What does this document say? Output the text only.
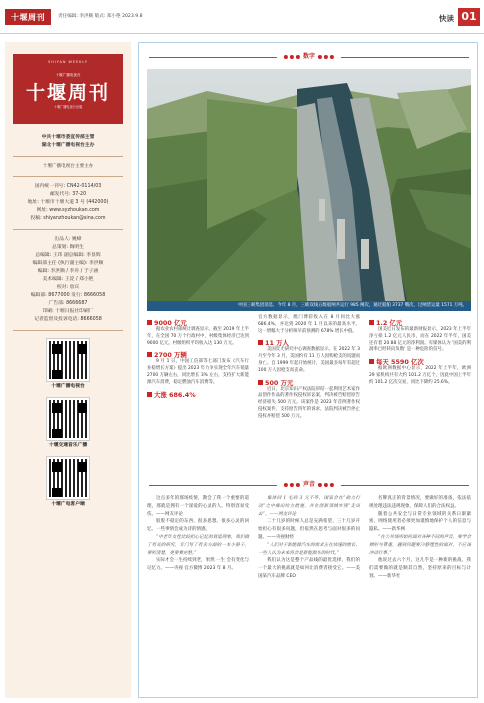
十堰周刊	责任编辑: 李洪顺 版式: 郑小艳 2023.9.8	快读 01
SHIYAN WEEKLY
十堰广播电视台
十堰周刊
十堰广播电视台出版
中共十堰市委宣传部主管
湖北十堰广播电视台主办
十堰广播电视台主要主办
国内统一刊号: CN42-0114/03
邮发代号: 37-20
地址: 十堰市十堰大道 3 号 (442000)
网址: www.syzhoukan.com
投稿: shiyanzhoukan@sina.com
出品人: 姚峰
总策划: 陶明生
总编辑: 王玮 副总编辑: 李显辉
编辑部主任 (执行副主编): 李洪顺
编辑: 李洪顺 / 李舟 / 于子涵
美术编辑: 王淀 / 郑小艳
校对: 詹宾
编辑部: 8677000 发行: 8666058
广告部: 8666687
印刷: 十堰日报社印刷厂
记者监督及投诉电话: 8666058
十堰广播电视台
十堰交通音乐广播
十堰广电客户端
数字
中国三峡集团消息，今年 8 月，三峡双线五级船闸共运行 985 闸次，通过船舶 3737 艘次，过闸货运量 1571 万吨。
9000 亿元

据农业农村部统计调查显示，截至 2019 年上半年，在全国 70 万个行政村中，村级集体经济已达到 9000 亿元，村级组织平均收入达 130 万元。

2700 万辆

9 月 1 日，中国工信部等七部门发布《汽车行业稳增长方案》提出 2023 年力争实现全年汽车销量 2700 万辆左右，同比增长 3% 左右，支持扩大新能源汽车消费，稳定燃油汽车消费等。

大涨 686.4%

官方数据显示，澳门博彩收入在 8 月同比大涨 686.4%，并达到 2020 年 1 月以来的最高水平。这一增幅大于分析师早前预测的 678% 增长中值。

11 万人

美国皮尤研究中心调查数据显示，在 2022 年 3 月至今年 3 月，美国约有 11 万人因购枪支的问题而身亡。自 1999 年起开始统计，美国最多每年有超过 100 万人因枪支而丧命。

500 万元

近日，北京知识产权法院审结一起利用艺术家作品创作作品的著作权侵权诉讼案，判决被告赔偿原告经济损失 500 万元。该案件是 2023 年首例著作权侵权案件，支持原告四年的诉求，法院判决被告停止侵权并赔偿 500 万元。

1.2 亿元

国美近日发布的最新财报显示，2023 年上半年净亏损 1.2 亿元人民币，而在 2022 年半年，国美还有着 20.88 亿元的净利润。有媒体认为 '国美的利润率已经转向负数' 是一种危险的信号。

每天 5590 亿次

据欧洲数据中心显示，2022 年上半年，欧洲 29 家机构共有大约 101.2 万亿个，因此中国上半年约 101.2 亿次交易，同比下降约 25.6%。

声音

这点多年的那场疫情，教会了我一个重要的道理，那就是拥有一个深爱的心灵的人、特别容易受伤。——网友评论

股股不稳定的东西、很多思想、很多心灵的回忆。一些事情会成为诗的情感。

“中老年女性比较担心记忆的衰退现象，我们做了有关的研究，专门写了有关方面的一本小册子，要听清楚，更要看完整。”

实际才会一生持续到老，果然 一生 会有变化与记忆力。——央视 官方微博 2023 年 8 月。

集体回 1 毛到 3 元不等，国家会在“助力行动”之中推出给力措施，并在创新领域实现“走出去”。——网友评论

二十几岁的时候人总是充满希望，三十几岁开始担心有很多问题，但依然在思考与面对很多的问题。——央视财经

“人们对于新能源汽车的需求正在快速的增长，一些人认为未来将会是新能源车的时代。”

我们认为这是整个产品线的最优选择，我们的一个最大的挑战就是如何让消费者接受它。——美国某汽车品牌 CEO

名牌真正的背景情况，要做好的准备，依法依规处理违法违规现象，保障人们的合法权益。

随着公共安全与日常专业领域的关系日渐紧密，网络使用者必须更加谨慎地保护个人的信息与隐私。——新华网

“在公共场所如何面对各种不同的声音，要学会倾听与尊重，遇到问题要冷静理性的面对，不应该冲动行事。”

他说过去六个月，这几乎是一种新的挑战，我们需要做的就是顺其自然，坚持原来的目标与计划。——新华社
